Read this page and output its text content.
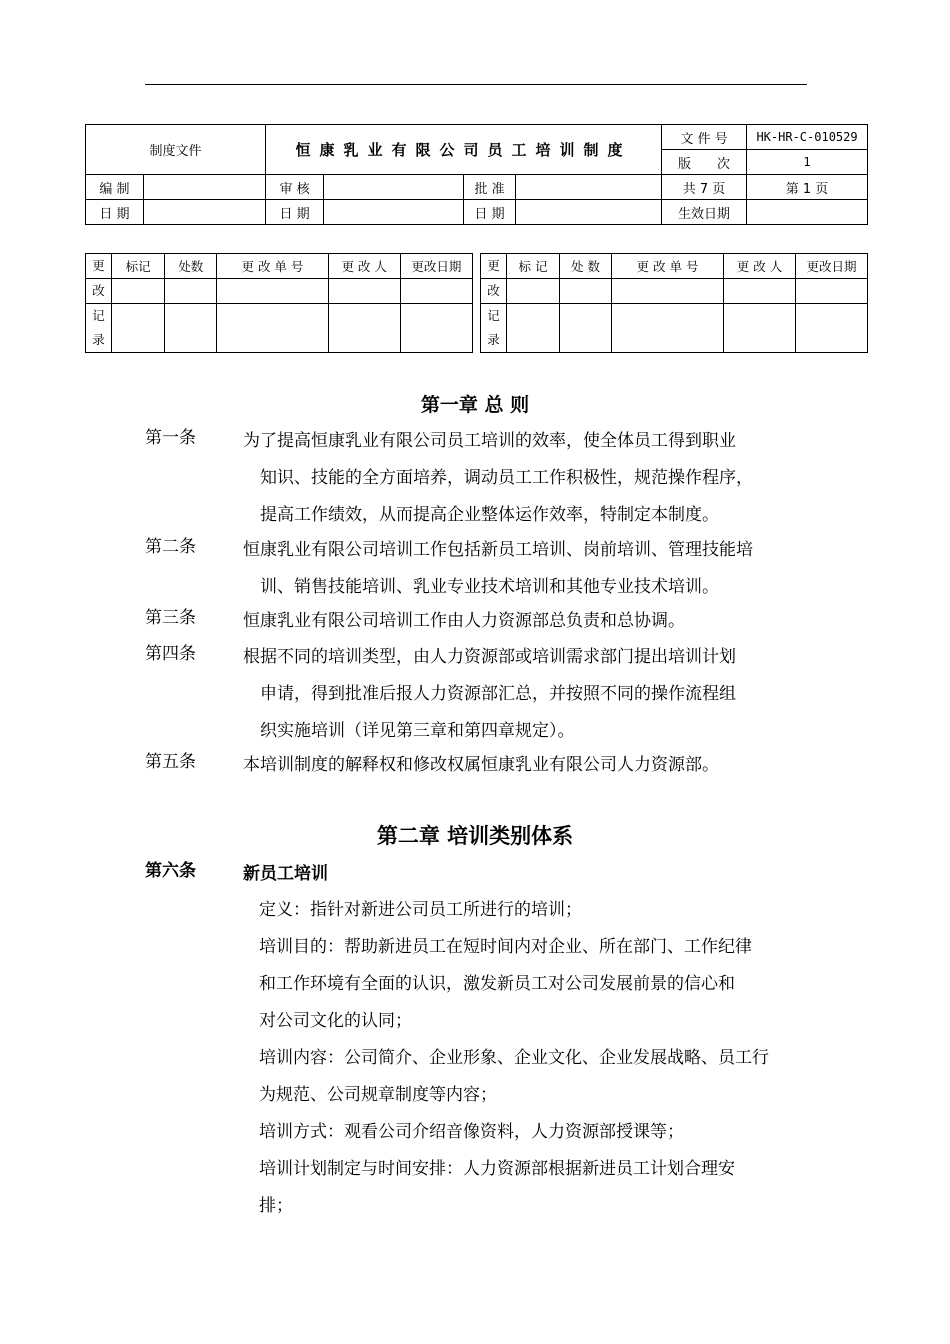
制度文件		恒康乳业有限公司员工培训制度				文 件 号	HK-HR-C-010529
						版　　次	1
编 制		审 核		批 准		共 7 页	第 1 页
日 期		日 期		日 期		生效日期	
更	标记	处数	更 改 单 号	更 改 人	更改日期
改					
记
录					
更	标 记	处 数	更 改 单 号	更 改 人	更改日期
改					
记
录					
第一章 总 则
第一条	为了提高恒康乳业有限公司员工培训的效率，使全体员工得到职业
知识、技能的全方面培养，调动员工工作积极性，规范操作程序，
提高工作绩效，从而提高企业整体运作效率，特制定本制度。
第二条	恒康乳业有限公司培训工作包括新员工培训、岗前培训、管理技能培
训、销售技能培训、乳业专业技术培训和其他专业技术培训。
第三条	恒康乳业有限公司培训工作由人力资源部总负责和总协调。
第四条	根据不同的培训类型，由人力资源部或培训需求部门提出培训计划
申请，得到批准后报人力资源部汇总，并按照不同的操作流程组
织实施培训（详见第三章和第四章规定）。
第五条	本培训制度的解释权和修改权属恒康乳业有限公司人力资源部。
第二章 培训类别体系
第六条	新员工培训
定义：指针对新进公司员工所进行的培训；
培训目的：帮助新进员工在短时间内对企业、所在部门、工作纪律
和工作环境有全面的认识，激发新员工对公司发展前景的信心和
对公司文化的认同；
培训内容：公司简介、企业形象、企业文化、企业发展战略、员工行
为规范、公司规章制度等内容；
培训方式：观看公司介绍音像资料，人力资源部授课等；
培训计划制定与时间安排：人力资源部根据新进员工计划合理安
排；
